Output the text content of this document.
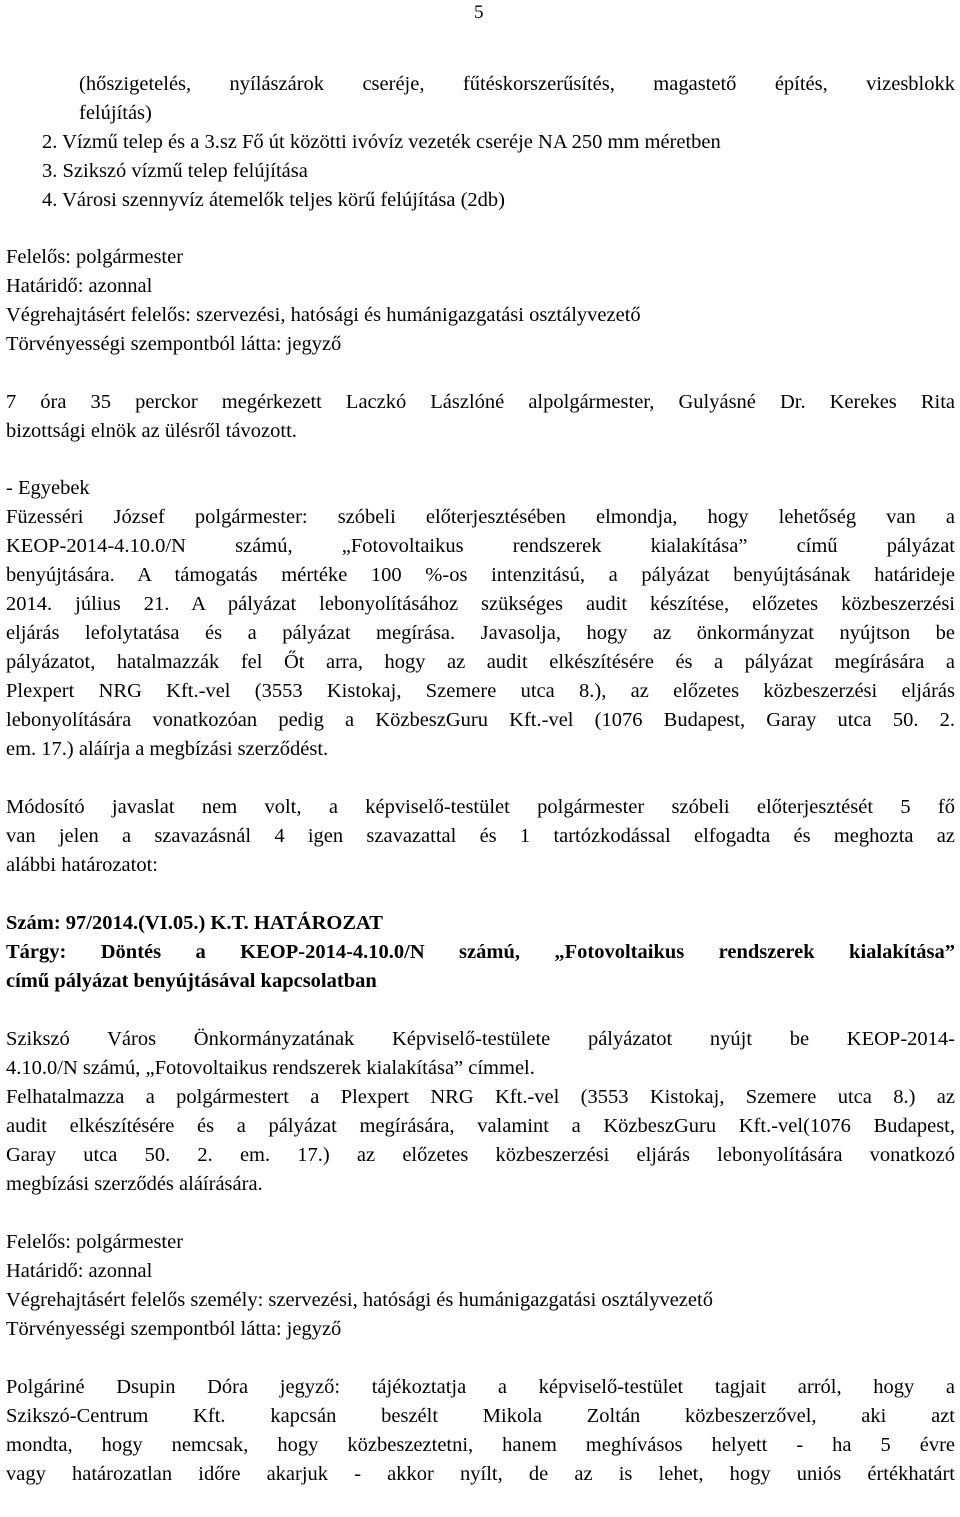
5
(hőszigetelés, nyílászárok cseréje, fűtéskorszerűsítés, magastető építés, vizesblokk
felújítás)
2. Vízmű telep és a 3.sz Fő út közötti ivóvíz vezeték cseréje NA 250 mm méretben
3. Szikszó vízmű telep felújítása
4. Városi szennyvíz átemelők teljes körű felújítása (2db)
Felelős: polgármester
Határidő: azonnal
Végrehajtásért felelős: szervezési, hatósági és humánigazgatási osztályvezető
Törvényességi szempontból látta: jegyző
7 óra 35 perckor megérkezett Laczkó Lászlóné alpolgármester, Gulyásné Dr. Kerekes Rita
bizottsági elnök az ülésről távozott.
- Egyebek
Füzesséri József polgármester: szóbeli előterjesztésében elmondja, hogy lehetőség van a
KEOP-2014-4.10.0/N számú, „Fotovoltaikus rendszerek kialakítása” című pályázat
benyújtására. A támogatás mértéke 100 %-os intenzitású, a pályázat benyújtásának határideje
2014. július 21. A pályázat lebonyolításához szükséges audit készítése, előzetes közbeszerzési
eljárás lefolytatása és a pályázat megírása. Javasolja, hogy az önkormányzat nyújtson be
pályázatot, hatalmazzák fel Őt arra, hogy az audit elkészítésére és a pályázat megírására a
Plexpert NRG Kft.-vel (3553 Kistokaj, Szemere utca 8.), az előzetes közbeszerzési eljárás
lebonyolítására vonatkozóan pedig a KözbeszGuru Kft.-vel (1076 Budapest, Garay utca 50. 2.
em. 17.) aláírja a megbízási szerződést.
Módosító javaslat nem volt, a képviselő-testület polgármester szóbeli előterjesztését 5 fő
van jelen a szavazásnál 4 igen szavazattal és 1 tartózkodással elfogadta és meghozta az
alábbi határozatot:
Szám: 97/2014.(VI.05.) K.T. HATÁROZAT
Tárgy: Döntés a KEOP-2014-4.10.0/N számú, „Fotovoltaikus rendszerek kialakítása”
című pályázat benyújtásával kapcsolatban
Szikszó Város Önkormányzatának Képviselő-testülete pályázatot nyújt be KEOP-2014-
4.10.0/N számú, „Fotovoltaikus rendszerek kialakítása” címmel.
Felhatalmazza a polgármestert a Plexpert NRG Kft.-vel (3553 Kistokaj, Szemere utca 8.) az
audit elkészítésére és a pályázat megírására, valamint a KözbeszGuru Kft.-vel(1076 Budapest,
Garay utca 50. 2. em. 17.) az előzetes közbeszerzési eljárás lebonyolítására vonatkozó
megbízási szerződés aláírására.
Felelős: polgármester
Határidő: azonnal
Végrehajtásért felelős személy: szervezési, hatósági és humánigazgatási osztályvezető
Törvényességi szempontból látta: jegyző
Polgáriné Dsupin Dóra jegyző: tájékoztatja a képviselő-testület tagjait arról, hogy a
Szikszó-Centrum Kft. kapcsán beszélt Mikola Zoltán közbeszerzővel, aki azt
mondta, hogy nemcsak, hogy közbeszeztetni, hanem meghívásos helyett - ha 5 évre
vagy határozatlan időre akarjuk - akkor nyílt, de az is lehet, hogy uniós értékhatárt
